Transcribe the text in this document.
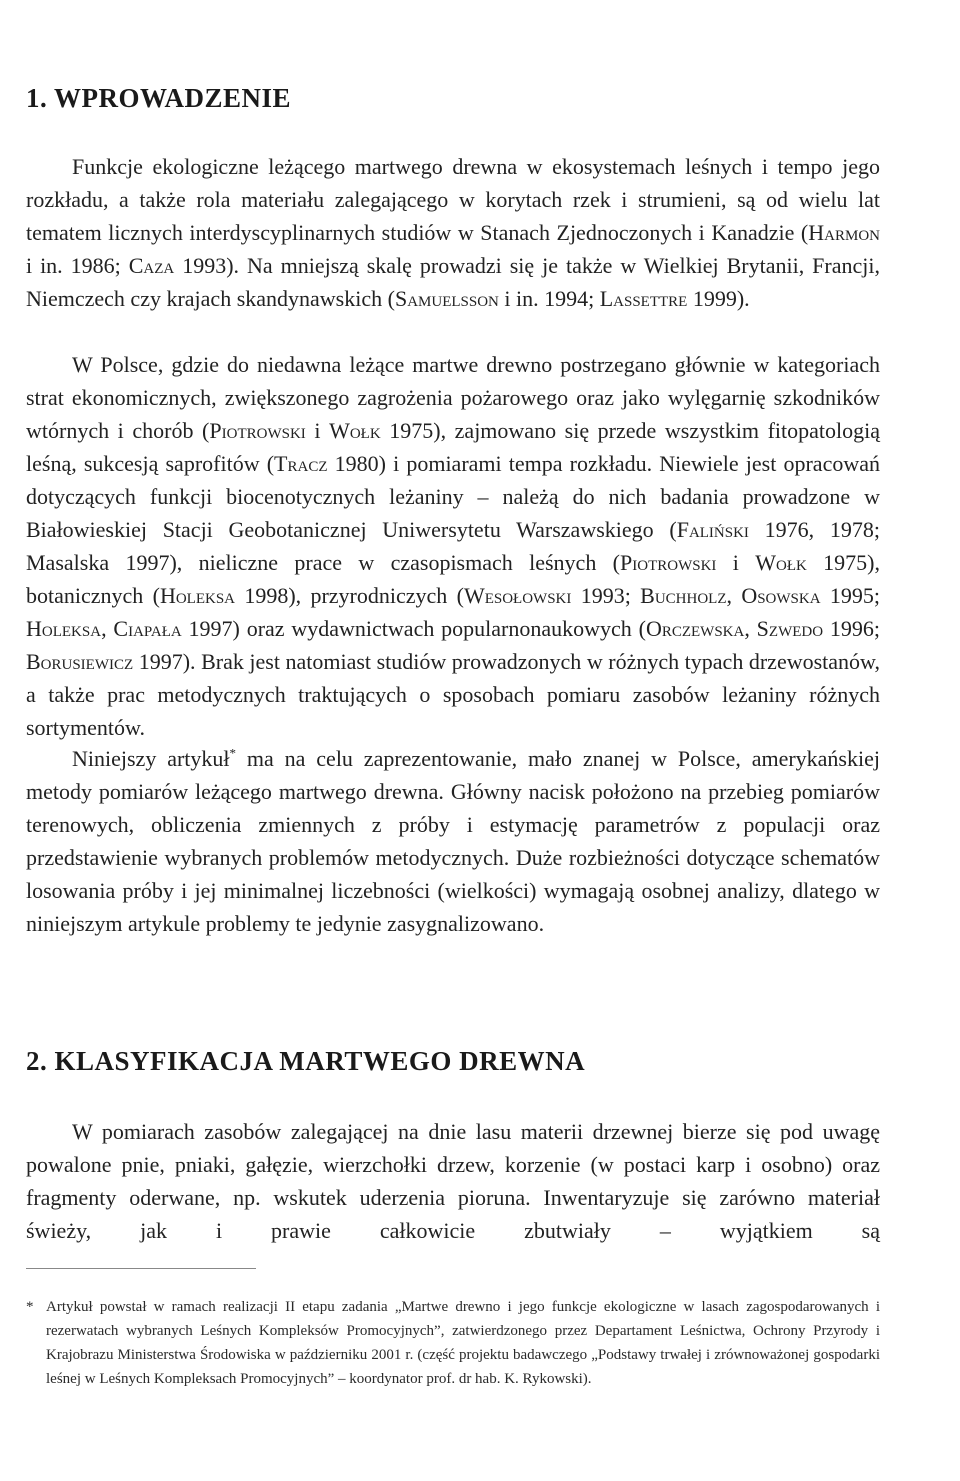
1. WPROWADZENIE

Funkcje ekologiczne leżącego martwego drewna w ekosystemach leśnych i tempo jego rozkładu, a także rola materiału zalegającego w korytach rzek i strumieni, są od wielu lat tematem licznych interdyscyplinarnych studiów w Stanach Zjednoczonych i Kanadzie (Harmon i in. 1986; Caza 1993). Na mniejszą skalę prowadzi się je także w Wielkiej Brytanii, Francji, Niemczech czy krajach skandynawskich (Samuelsson i in. 1994; Lassettre 1999).

W Polsce, gdzie do niedawna leżące martwe drewno postrzegano głównie w kategoriach strat ekonomicznych, zwiększonego zagrożenia pożarowego oraz jako wylęgarnię szkodników wtórnych i chorób (Piotrowski i Wołk 1975), zajmowano się przede wszystkim fitopatologią leśną, sukcesją saprofitów (Tracz 1980) i pomiarami tempa rozkładu. Niewiele jest opracowań dotyczących funkcji biocenotycznych leżaniny – należą do nich badania prowadzone w Białowieskiej Stacji Geobotanicznej Uniwersytetu Warszawskiego (Faliński 1976, 1978; Masalska 1997), nieliczne prace w czasopismach leśnych (Piotrowski i Wołk 1975), botanicznych (Holeksa 1998), przyrodniczych (Wesołowski 1993; Buchholz, Osowska 1995; Holeksa, Ciapała 1997) oraz wydawnictwach popularnonaukowych (Orczewska, Szwedo 1996; Borusiewicz 1997). Brak jest natomiast studiów prowadzonych w różnych typach drzewostanów, a także prac metodycznych traktujących o sposobach pomiaru zasobów leżaniny różnych sortymentów.

Niniejszy artykuł* ma na celu zaprezentowanie, mało znanej w Polsce, amerykańskiej metody pomiarów leżącego martwego drewna. Główny nacisk położono na przebieg pomiarów terenowych, obliczenia zmiennych z próby i estymację parametrów z populacji oraz przedstawienie wybranych problemów metodycznych. Duże rozbieżności dotyczące schematów losowania próby i jej minimalnej liczebności (wielkości) wymagają osobnej analizy, dlatego w niniejszym artykule problemy te jedynie zasygnalizowano.

2. KLASYFIKACJA MARTWEGO DREWNA

W pomiarach zasobów zalegającej na dnie lasu materii drzewnej bierze się pod uwagę powalone pnie, pniaki, gałęzie, wierzchołki drzew, korzenie (w postaci karp i osobno) oraz fragmenty oderwane, np. wskutek uderzenia pioruna. Inwentaryzuje się zarówno materiał świeży, jak i prawie całkowicie zbutwiały – wyjątkiem są

* Artykuł powstał w ramach realizacji II etapu zadania „Martwe drewno i jego funkcje ekologiczne w lasach zagospodarowanych i rezerwatach wybranych Leśnych Kompleksów Promocyjnych”, zatwierdzonego przez Departament Leśnictwa, Ochrony Przyrody i Krajobrazu Ministerstwa Środowiska w październiku 2001 r. (część projektu badawczego „Podstawy trwałej i zrównoważonej gospodarki leśnej w Leśnych Kompleksach Promocyjnych” – koordynator prof. dr hab. K. Rykowski).
